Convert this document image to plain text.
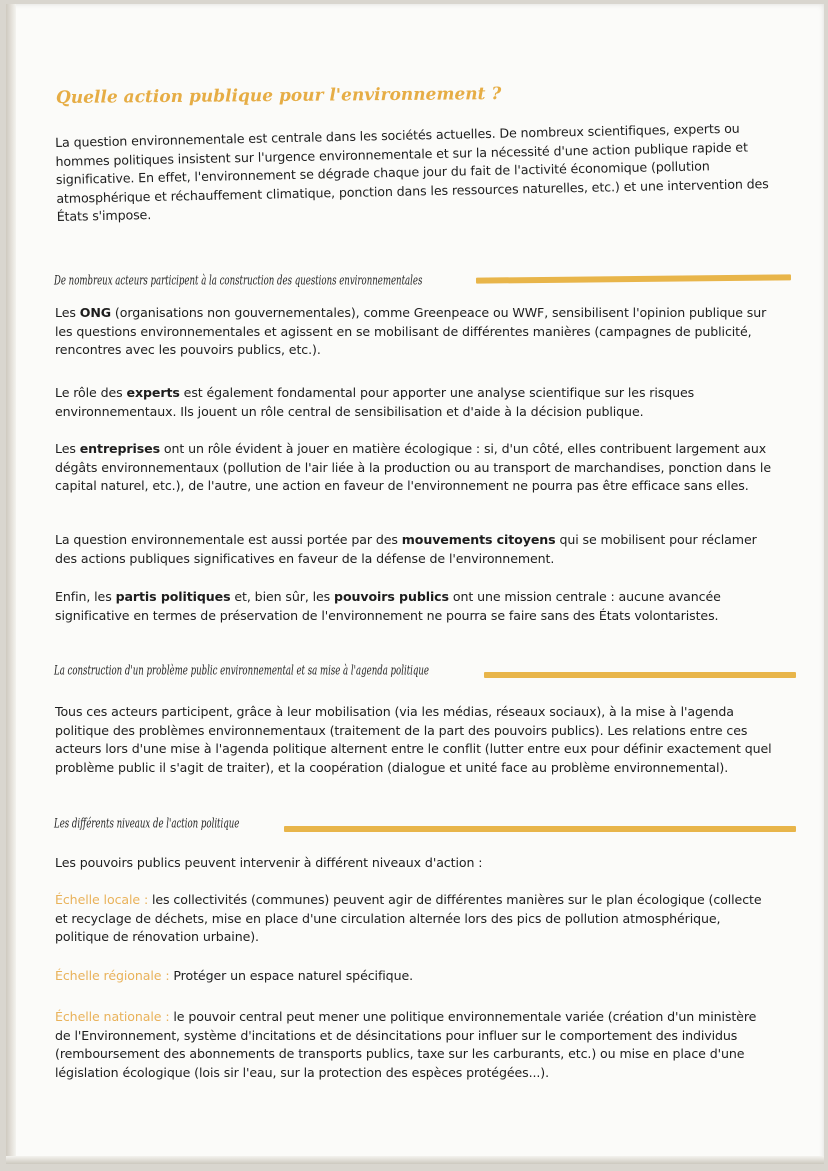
Quelle action publique pour l'environnement ?
La question environnementale est centrale dans les sociétés actuelles. De nombreux scientifiques, experts ou hommes politiques insistent sur l'urgence environnementale et sur la nécessité d'une action publique rapide et significative. En effet, l'environnement se dégrade chaque jour du fait de l'activité économique (pollution atmosphérique et réchauffement climatique, ponction dans les ressources naturelles, etc.) et une intervention des États s'impose.
De nombreux acteurs participent à la construction des questions environnementales
Les ONG (organisations non gouvernementales), comme Greenpeace ou WWF, sensibilisent l'opinion publique sur les questions environnementales et agissent en se mobilisant de différentes manières (campagnes de publicité, rencontres avec les pouvoirs publics, etc.).
Le rôle des experts est également fondamental pour apporter une analyse scientifique sur les risques environnementaux. Ils jouent un rôle central de sensibilisation et d'aide à la décision publique.
Les entreprises ont un rôle évident à jouer en matière écologique : si, d'un côté, elles contribuent largement aux dégâts environnementaux (pollution de l'air liée à la production ou au transport de marchandises, ponction dans le capital naturel, etc.), de l'autre, une action en faveur de l'environnement ne pourra pas être efficace sans elles.
La question environnementale est aussi portée par des mouvements citoyens qui se mobilisent pour réclamer des actions publiques significatives en faveur de la défense de l'environnement.
Enfin, les partis politiques et, bien sûr, les pouvoirs publics ont une mission centrale : aucune avancée significative en termes de préservation de l'environnement ne pourra se faire sans des États volontaristes.
La construction d'un problème public environnemental et sa mise à l'agenda politique
Tous ces acteurs participent, grâce à leur mobilisation (via les médias, réseaux sociaux), à la mise à l'agenda politique des problèmes environnementaux (traitement de la part des pouvoirs publics). Les relations entre ces acteurs lors d'une mise à l'agenda politique alternent entre le conflit (lutter entre eux pour définir exactement quel problème public il s'agit de traiter), et la coopération (dialogue et unité face au problème environnemental).
Les différents niveaux de l'action politique
Les pouvoirs publics peuvent intervenir à différent niveaux d'action :
Échelle locale : les collectivités (communes) peuvent agir de différentes manières sur le plan écologique (collecte et recyclage de déchets, mise en place d'une circulation alternée lors des pics de pollution atmosphérique, politique de rénovation urbaine).
Échelle régionale : Protéger un espace naturel spécifique.
Échelle nationale : le pouvoir central peut mener une politique environnementale variée (création d'un ministère de l'Environnement, système d'incitations et de désincitations pour influer sur le comportement des individus (remboursement des abonnements de transports publics, taxe sur les carburants, etc.) ou mise en place d'une législation écologique (lois sir l'eau, sur la protection des espèces protégées...).
